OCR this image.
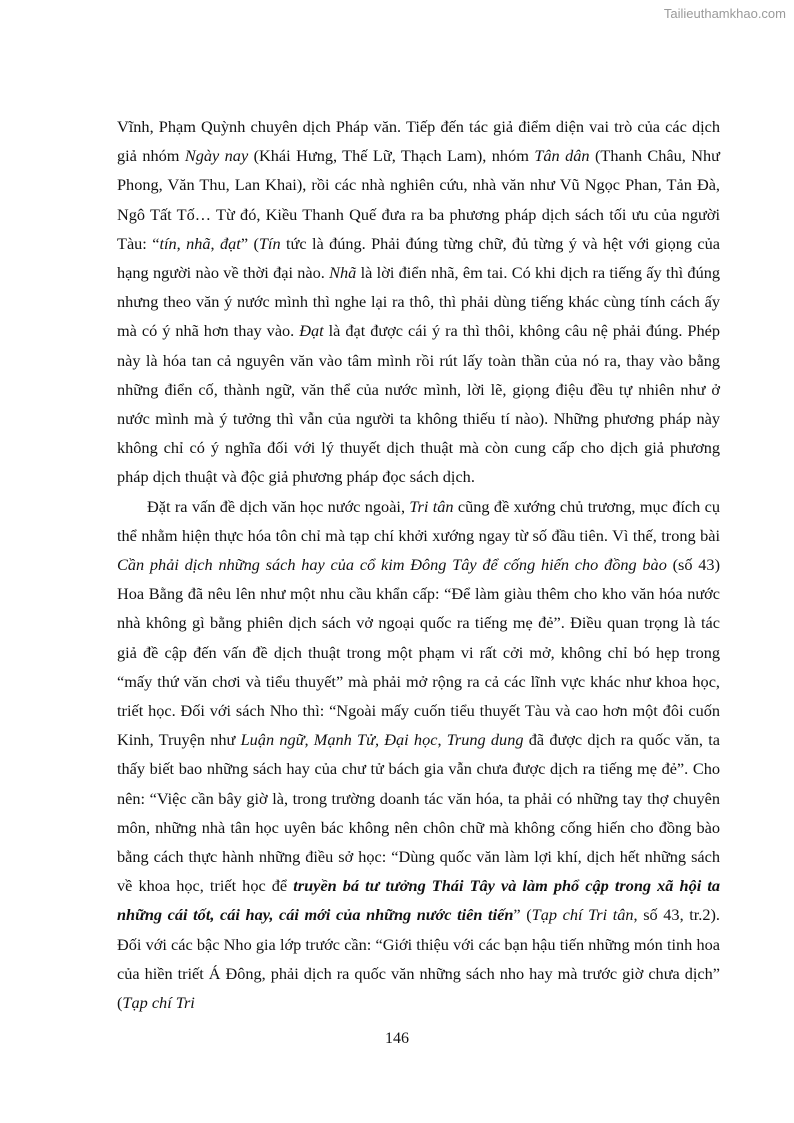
Tailieuthamkhao.com

Vĩnh, Phạm Quỳnh chuyên dịch Pháp văn. Tiếp đến tác giả điểm diện vai trò của các dịch giả nhóm Ngày nay (Khái Hưng, Thế Lữ, Thạch Lam), nhóm Tân dân (Thanh Châu, Như Phong, Văn Thu, Lan Khai), rồi các nhà nghiên cứu, nhà văn như Vũ Ngọc Phan, Tản Đà, Ngô Tất Tố… Từ đó, Kiều Thanh Quế đưa ra ba phương pháp dịch sách tối ưu của người Tàu: “tín, nhã, đạt” (Tín tức là đúng. Phải đúng từng chữ, đủ từng ý và hệt với giọng của hạng người nào về thời đại nào. Nhã là lời điển nhã, êm tai. Có khi dịch ra tiếng ấy thì đúng nhưng theo văn ý nước mình thì nghe lại ra thô, thì phải dùng tiếng khác cùng tính cách ấy mà có ý nhã hơn thay vào. Đạt là đạt được cái ý ra thì thôi, không câu nệ phải đúng. Phép này là hóa tan cả nguyên văn vào tâm mình rồi rút lấy toàn thần của nó ra, thay vào bằng những điển cố, thành ngữ, văn thể của nước mình, lời lẽ, giọng điệu đều tự nhiên như ở nước mình mà ý tưởng thì vẫn của người ta không thiếu tí nào). Những phương pháp này không chỉ có ý nghĩa đối với lý thuyết dịch thuật mà còn cung cấp cho dịch giả phương pháp dịch thuật và độc giả phương pháp đọc sách dịch.

Đặt ra vấn đề dịch văn học nước ngoài, Tri tân cũng đề xướng chủ trương, mục đích cụ thể nhằm hiện thực hóa tôn chỉ mà tạp chí khởi xướng ngay từ số đầu tiên. Vì thế, trong bài Cần phải dịch những sách hay của cổ kim Đông Tây để cống hiến cho đồng bào (số 43) Hoa Bằng đã nêu lên như một nhu cầu khẩn cấp: “Để làm giàu thêm cho kho văn hóa nước nhà không gì bằng phiên dịch sách vở ngoại quốc ra tiếng mẹ đẻ”. Điều quan trọng là tác giả đề cập đến vấn đề dịch thuật trong một phạm vi rất cởi mở, không chỉ bó hẹp trong “mấy thứ văn chơi và tiểu thuyết” mà phải mở rộng ra cả các lĩnh vực khác như khoa học, triết học. Đối với sách Nho thì: “Ngoài mấy cuốn tiểu thuyết Tàu và cao hơn một đôi cuốn Kinh, Truyện như Luận ngữ, Mạnh Tử, Đại học, Trung dung đã được dịch ra quốc văn, ta thấy biết bao những sách hay của chư tử bách gia vẫn chưa được dịch ra tiếng mẹ đẻ”. Cho nên: “Việc cần bây giờ là, trong trường doanh tác văn hóa, ta phải có những tay thợ chuyên môn, những nhà tân học uyên bác không nên chôn chữ mà không cống hiến cho đồng bào bằng cách thực hành những điều sở học: “Dùng quốc văn làm lợi khí, dịch hết những sách về khoa học, triết học để truyền bá tư tưởng Thái Tây và làm phổ cập trong xã hội ta những cái tốt, cái hay, cái mới của những nước tiên tiến” (Tạp chí Tri tân, số 43, tr.2). Đối với các bậc Nho gia lớp trước cần: “Giới thiệu với các bạn hậu tiến những món tinh hoa của hiền triết Á Đông, phải dịch ra quốc văn những sách nho hay mà trước giờ chưa dịch” (Tạp chí Tri

146
